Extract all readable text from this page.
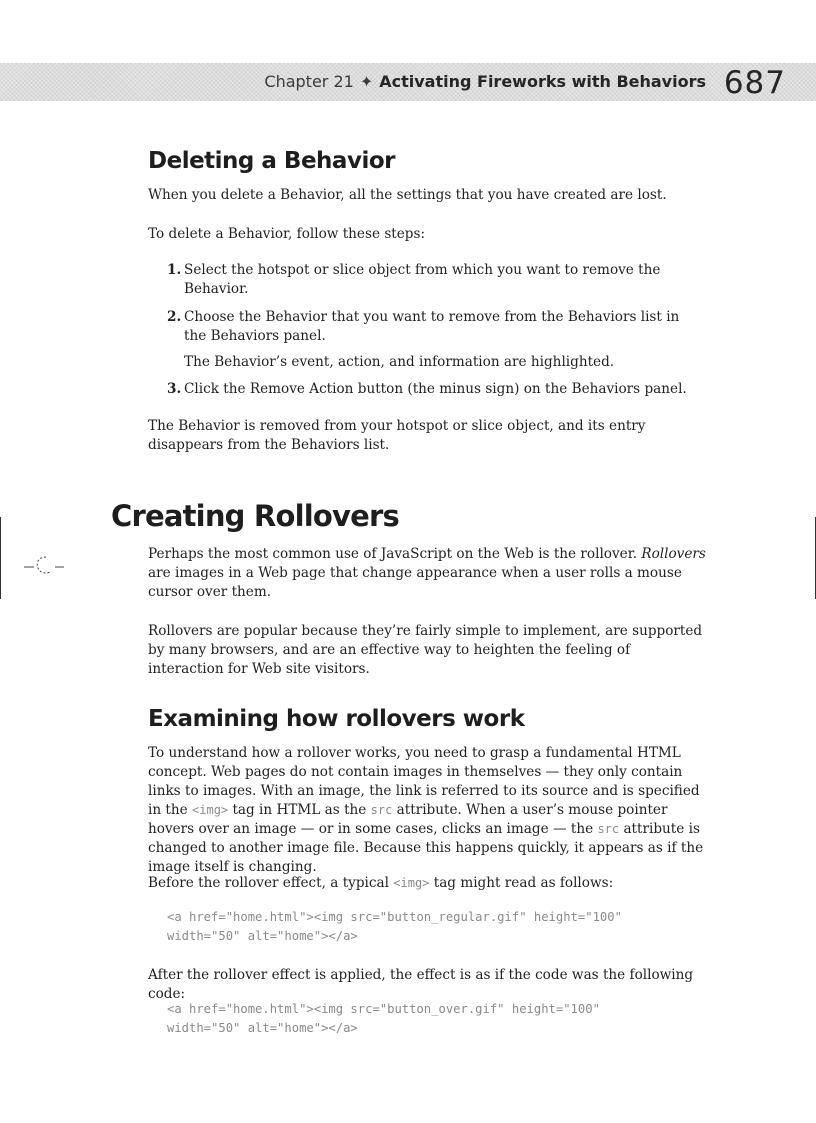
Chapter 21 ✦ Activating Fireworks with Behaviors 687
Deleting a Behavior

When you delete a Behavior, all the settings that you have created are lost.

To delete a Behavior, follow these steps:

1. Select the hotspot or slice object from which you want to remove the Behavior.

2. Choose the Behavior that you want to remove from the Behaviors list in the Behaviors panel.

The Behavior’s event, action, and information are highlighted.

3. Click the Remove Action button (the minus sign) on the Behaviors panel.

The Behavior is removed from your hotspot or slice object, and its entry disappears from the Behaviors list.

Creating Rollovers

Perhaps the most common use of JavaScript on the Web is the rollover. Rollovers are images in a Web page that change appearance when a user rolls a mouse cursor over them.

Rollovers are popular because they’re fairly simple to implement, are supported by many browsers, and are an effective way to heighten the feeling of interaction for Web site visitors.

Examining how rollovers work

To understand how a rollover works, you need to grasp a fundamental HTML concept. Web pages do not contain images in themselves — they only contain links to images. With an image, the link is referred to its source and is specified in the <img> tag in HTML as the src attribute. When a user’s mouse pointer hovers over an image — or in some cases, clicks an image — the src attribute is changed to another image file. Because this happens quickly, it appears as if the image itself is changing.

Before the rollover effect, a typical <img> tag might read as follows:

<a href="home.html"><img src="button_regular.gif" height="100"
width="50" alt="home"></a>

After the rollover effect is applied, the effect is as if the code was the following code:

<a href="home.html"><img src="button_over.gif" height="100"
width="50" alt="home"></a>
